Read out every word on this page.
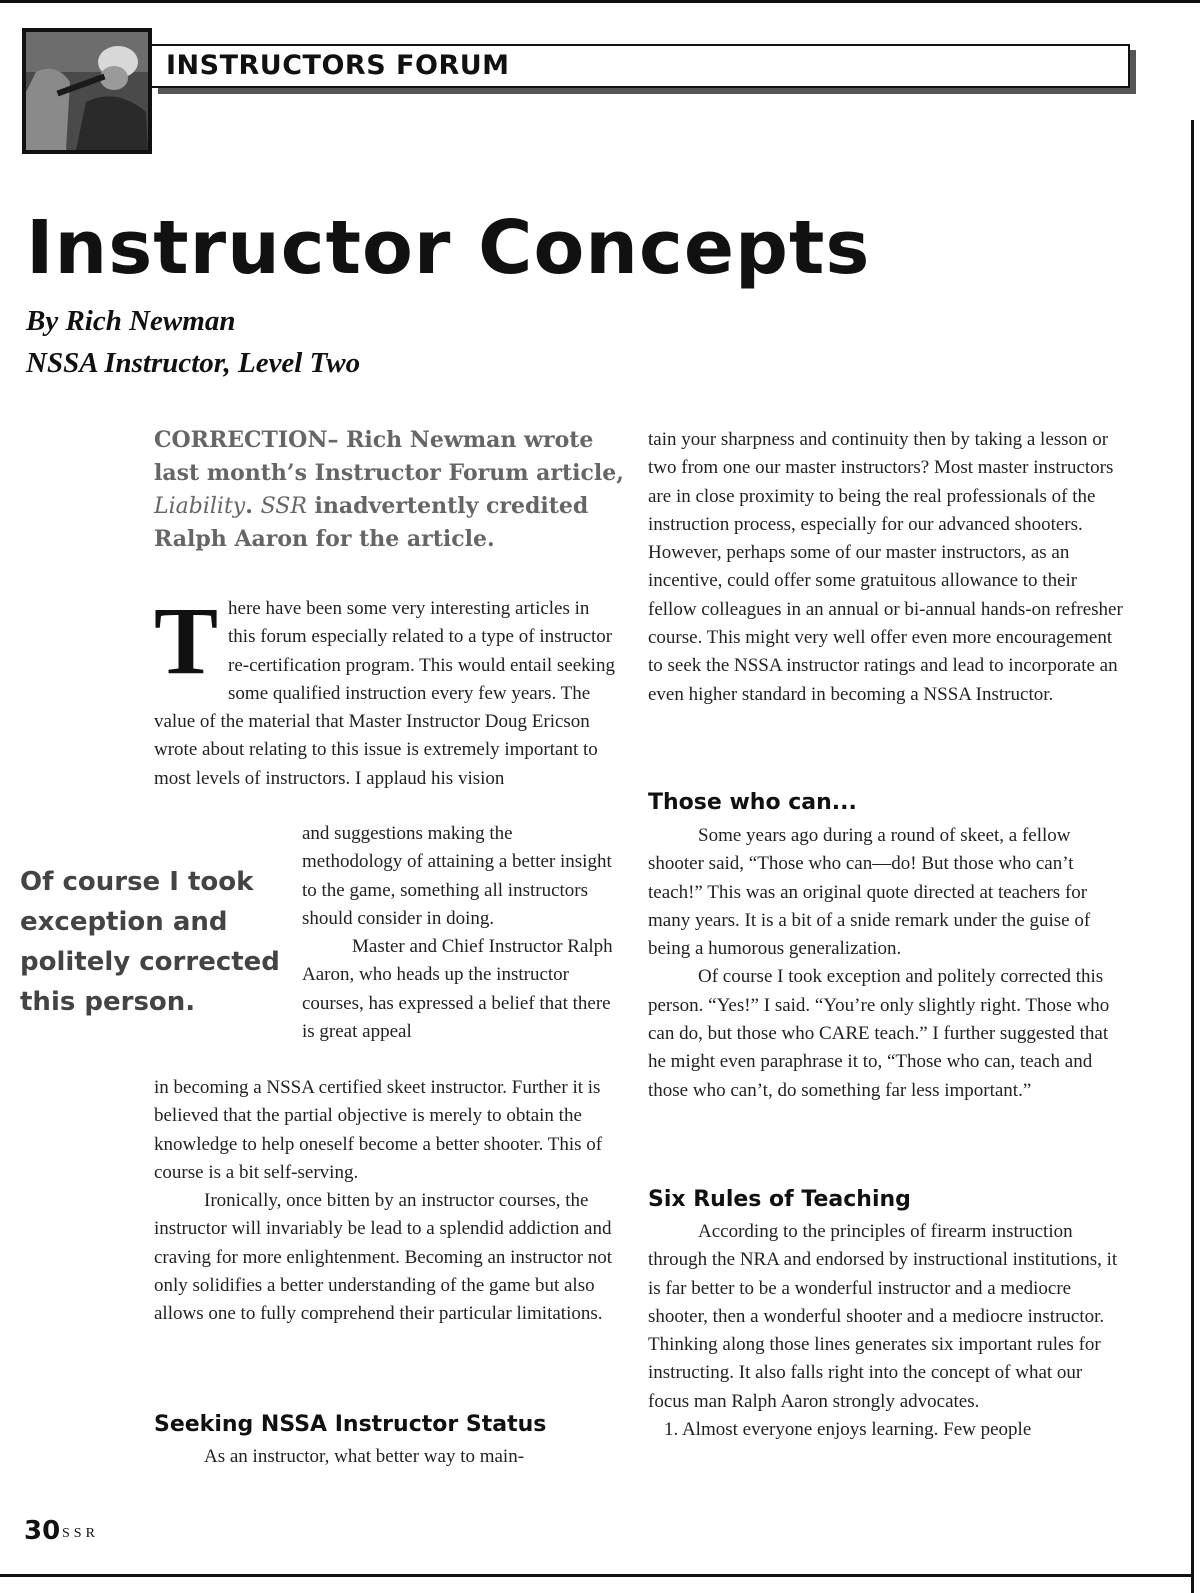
INSTRUCTORS FORUM
Instructor Concepts
By Rich Newman
NSSA Instructor, Level Two
CORRECTION– Rich Newman wrote last month’s Instructor Forum article, Liability. SSR inadvertently credited Ralph Aaron for the article.
T here have been some very interesting articles in this forum especially related to a type of instructor re-certification program. This would entail seeking some qualified instruction every few years. The value of the material that Master Instructor Doug Ericson wrote about relating to this issue is extremely important to most levels of instructors. I applaud his vision

and suggestions making the methodology of attaining a better insight to the game, something all instructors should consider in doing.

Master and Chief Instructor Ralph Aaron, who heads up the instructor courses, has expressed a belief that there is great appeal

Of course I took exception and politely corrected this person.

in becoming a NSSA certified skeet instructor. Further it is believed that the partial objective is merely to obtain the knowledge to help oneself become a better shooter. This of course is a bit self-serving.

Ironically, once bitten by an instructor courses, the instructor will invariably be lead to a splendid addiction and craving for more enlightenment. Becoming an instructor not only solidifies a better understanding of the game but also allows one to fully comprehend their particular limitations.

Seeking NSSA Instructor Status

As an instructor, what better way to main-

tain your sharpness and continuity then by taking a lesson or two from one our master instructors? Most master instructors are in close proximity to being the real professionals of the instruction process, especially for our advanced shooters. However, perhaps some of our master instructors, as an incentive, could offer some gratuitous allowance to their fellow colleagues in an annual or bi-annual hands-on refresher course. This might very well offer even more encouragement to seek the NSSA instructor ratings and lead to incorporate an even higher standard in becoming a NSSA Instructor.

Those who can...

Some years ago during a round of skeet, a fellow shooter said, “Those who can—do! But those who can’t teach!” This was an original quote directed at teachers for many years. It is a bit of a snide remark under the guise of being a humorous generalization.

Of course I took exception and politely corrected this person. “Yes!” I said. “You’re only slightly right. Those who can do, but those who CARE teach.” I further suggested that he might even paraphrase it to, “Those who can, teach and those who can’t, do something far less important.”

Six Rules of Teaching

According to the principles of firearm instruction through the NRA and endorsed by instructional institutions, it is far better to be a wonderful instructor and a mediocre shooter, then a wonderful shooter and a mediocre instructor. Thinking along those lines generates six important rules for instructing. It also falls right into the concept of what our focus man Ralph Aaron strongly advocates.

1. Almost everyone enjoys learning. Few people

30 SSR
